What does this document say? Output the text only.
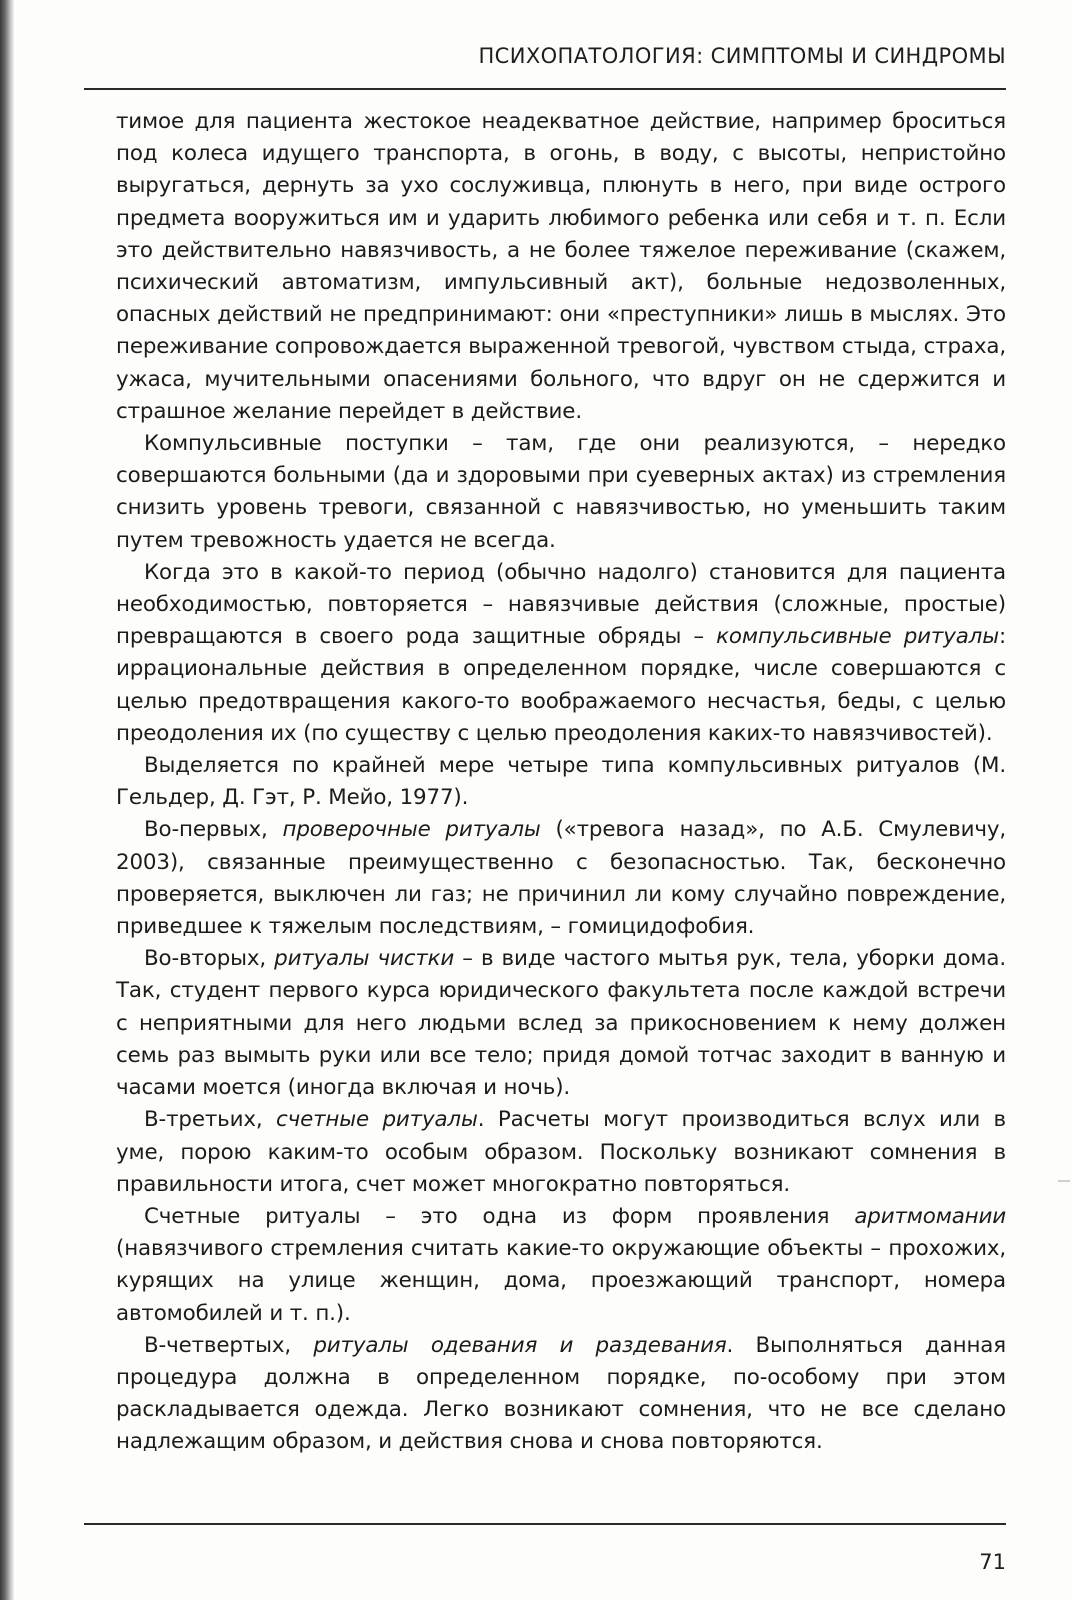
ПСИХОПАТОЛОГИЯ: СИМПТОМЫ И СИНДРОМЫ

тимое для пациента жестокое неадекватное действие, например броситься под колеса идущего транспорта, в огонь, в воду, с высоты, непристойно выругаться, дернуть за ухо сослуживца, плюнуть в него, при виде острого предмета вооружиться им и ударить любимого ребенка или себя и т. п. Если это действительно навязчивость, а не более тяжелое переживание (скажем, психический автоматизм, импульсивный акт), больные недозволенных, опасных действий не предпринимают: они «преступники» лишь в мыслях. Это переживание сопровождается выраженной тревогой, чувством стыда, страха, ужаса, мучительными опасениями больного, что вдруг он не сдержится и страшное желание перейдет в действие.

Компульсивные поступки – там, где они реализуются, – нередко совершаются больными (да и здоровыми при суеверных актах) из стремления снизить уровень тревоги, связанной с навязчивостью, но уменьшить таким путем тревожность удается не всегда.

Когда это в какой-то период (обычно надолго) становится для пациента необходимостью, повторяется – навязчивые действия (сложные, простые) превращаются в своего рода защитные обряды – компульсивные ритуалы: иррациональные действия в определенном порядке, числе совершаются с целью предотвращения какого-то воображаемого несчастья, беды, с целью преодоления их (по существу с целью преодоления каких-то навязчивостей).

Выделяется по крайней мере четыре типа компульсивных ритуалов (М. Гельдер, Д. Гэт, Р. Мейо, 1977).

Во-первых, проверочные ритуалы («тревога назад», по А.Б. Смулевичу, 2003), связанные преимущественно с безопасностью. Так, бесконечно проверяется, выключен ли газ; не причинил ли кому случайно повреждение, приведшее к тяжелым последствиям, – гомицидофобия.

Во-вторых, ритуалы чистки – в виде частого мытья рук, тела, уборки дома. Так, студент первого курса юридического факультета после каждой встречи с неприятными для него людьми вслед за прикосновением к нему должен семь раз вымыть руки или все тело; придя домой тотчас заходит в ванную и часами моется (иногда включая и ночь).

В-третьих, счетные ритуалы. Расчеты могут производиться вслух или в уме, порою каким-то особым образом. Поскольку возникают сомнения в правильности итога, счет может многократно повторяться.

Счетные ритуалы – это одна из форм проявления аритмомании (навязчивого стремления считать какие-то окружающие объекты – прохожих, курящих на улице женщин, дома, проезжающий транспорт, номера автомобилей и т. п.).

В-четвертых, ритуалы одевания и раздевания. Выполняться данная процедура должна в определенном порядке, по-особому при этом раскладывается одежда. Легко возникают сомнения, что не все сделано надлежащим образом, и действия снова и снова повторяются.

71
